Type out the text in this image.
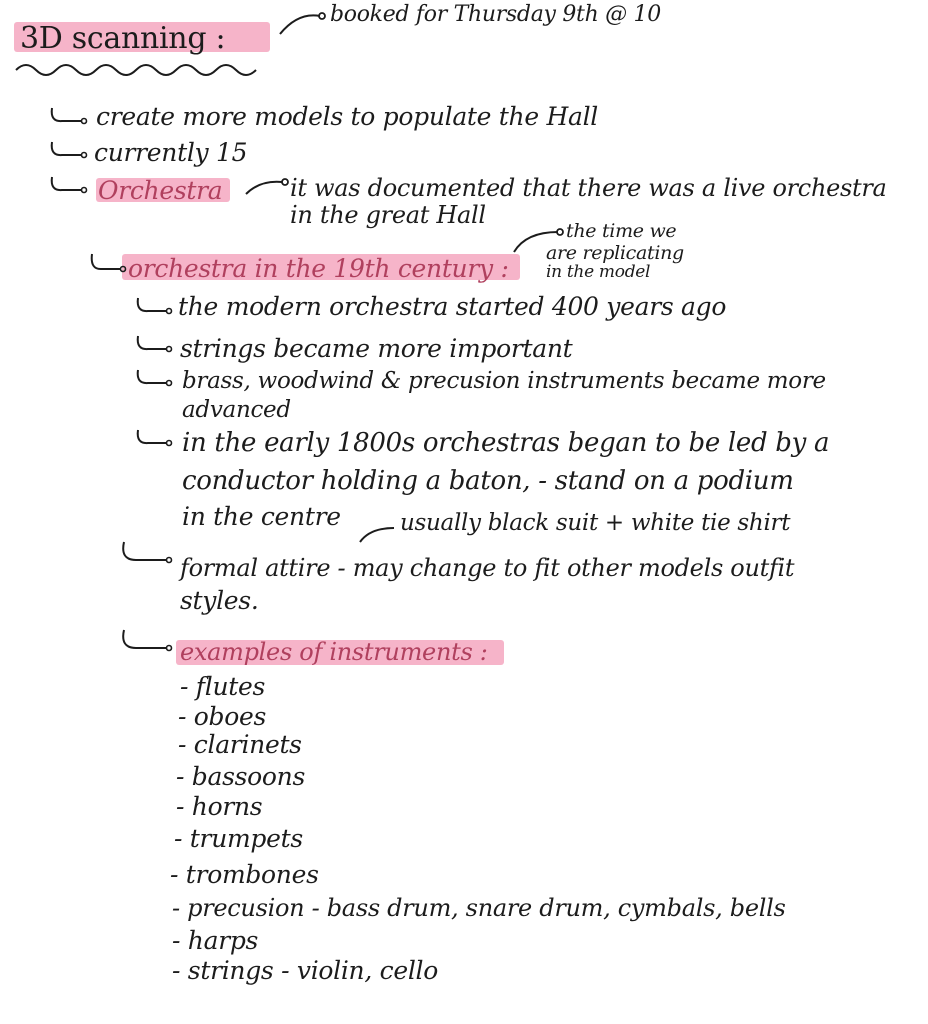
3D scanning :
booked for Thursday 9th @ 10
create more models to populate the Hall
currently 15
Orchestra	it was documented that there was a live orchestra
in the great Hall
orchestra in the 19th century :
the time we
are replicating
in the model
the modern orchestra started 400 years ago
strings became more important
brass, woodwind & precusion instruments became more
advanced
in the early 1800s orchestras began to be led by a
conductor holding a baton, - stand on a podium
in the centre	usually black suit + white tie shirt
formal attire - may change to fit other models outfit
styles.
examples of instruments :
- flutes
- oboes
- clarinets
- bassoons
- horns
- trumpets
- trombones
- precusion - bass drum, snare drum, cymbals, bells
- harps
- strings - violin, cello
